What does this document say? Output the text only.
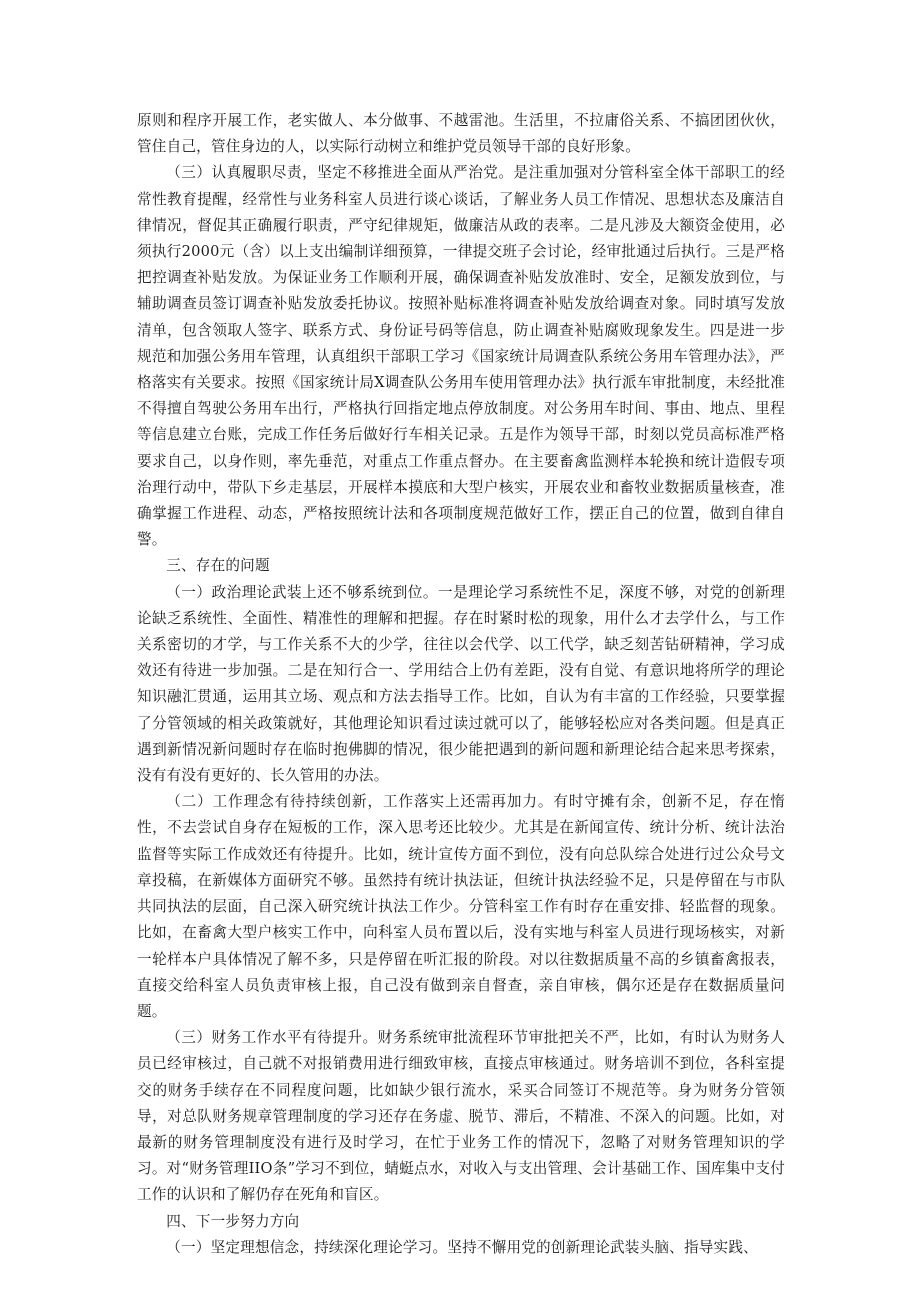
原则和程序开展工作，老实做人、本分做事、不越雷池。生活里，不拉庸俗关系、不搞团团伙伙，管住自己，管住身边的人，以实际行动树立和维护党员领导干部的良好形象。

（三）认真履职尽责，坚定不移推进全面从严治党。是注重加强对分管科室全体干部职工的经常性教育提醒，经常性与业务科室人员进行谈心谈话，了解业务人员工作情况、思想状态及廉洁自律情况，督促其正确履行职责，严守纪律规矩，做廉洁从政的表率。二是凡涉及大额资金使用，必须执行2000元（含）以上支出编制详细预算，一律提交班子会讨论，经审批通过后执行。三是严格把控调查补贴发放。为保证业务工作顺利开展，确保调查补贴发放准时、安全，足额发放到位，与辅助调查员签订调查补贴发放委托协议。按照补贴标准将调查补贴发放给调查对象。同时填写发放清单，包含领取人签字、联系方式、身份证号码等信息，防止调查补贴腐败现象发生。四是进一步规范和加强公务用车管理，认真组织干部职工学习《国家统计局调查队系统公务用车管理办法》，严格落实有关要求。按照《国家统计局X调查队公务用车使用管理办法》执行派车审批制度，未经批准不得擅自驾驶公务用车出行，严格执行回指定地点停放制度。对公务用车时间、事由、地点、里程等信息建立台账，完成工作任务后做好行车相关记录。五是作为领导干部，时刻以党员高标准严格要求自己，以身作则，率先垂范，对重点工作重点督办。在主要畜禽监测样本轮换和统计造假专项治理行动中，带队下乡走基层，开展样本摸底和大型户核实，开展农业和畜牧业数据质量核查，准确掌握工作进程、动态，严格按照统计法和各项制度规范做好工作，摆正自己的位置，做到自律自警。

三、存在的问题

（一）政治理论武装上还不够系统到位。一是理论学习系统性不足，深度不够，对党的创新理论缺乏系统性、全面性、精准性的理解和把握。存在时紧时松的现象，用什么才去学什么，与工作关系密切的才学，与工作关系不大的少学，往往以会代学、以工代学，缺乏刻苦钻研精神，学习成效还有待进一步加强。二是在知行合一、学用结合上仍有差距，没有自觉、有意识地将所学的理论知识融汇贯通，运用其立场、观点和方法去指导工作。比如，自认为有丰富的工作经验，只要掌握了分管领域的相关政策就好，其他理论知识看过读过就可以了，能够轻松应对各类问题。但是真正遇到新情况新问题时存在临时抱佛脚的情况，很少能把遇到的新问题和新理论结合起来思考探索，没有有没有更好的、长久管用的办法。

（二）工作理念有待持续创新，工作落实上还需再加力。有时守摊有余，创新不足，存在惰性，不去尝试自身存在短板的工作，深入思考还比较少。尤其是在新闻宣传、统计分析、统计法治监督等实际工作成效还有待提升。比如，统计宣传方面不到位，没有向总队综合处进行过公众号文章投稿，在新媒体方面研究不够。虽然持有统计执法证，但统计执法经验不足，只是停留在与市队共同执法的层面，自己深入研究统计执法工作少。分管科室工作有时存在重安排、轻监督的现象。比如，在畜禽大型户核实工作中，向科室人员布置以后，没有实地与科室人员进行现场核实，对新一轮样本户具体情况了解不多，只是停留在听汇报的阶段。对以往数据质量不高的乡镇畜禽报表，直接交给科室人员负责审核上报，自己没有做到亲自督查，亲自审核，偶尔还是存在数据质量问题。

（三）财务工作水平有待提升。财务系统审批流程环节审批把关不严，比如，有时认为财务人员已经审核过，自己就不对报销费用进行细致审核，直接点审核通过。财务培训不到位，各科室提交的财务手续存在不同程度问题，比如缺少银行流水，采买合同签订不规范等。身为财务分管领导，对总队财务规章管理制度的学习还存在务虚、脱节、滞后，不精准、不深入的问题。比如，对最新的财务管理制度没有进行及时学习，在忙于业务工作的情况下，忽略了对财务管理知识的学习。对“财务管理IIO条”学习不到位，蜻蜓点水，对收入与支出管理、会计基础工作、国库集中支付工作的认识和了解仍存在死角和盲区。

四、下一步努力方向

（一）坚定理想信念，持续深化理论学习。坚持不懈用党的创新理论武装头脑、指导实践、
